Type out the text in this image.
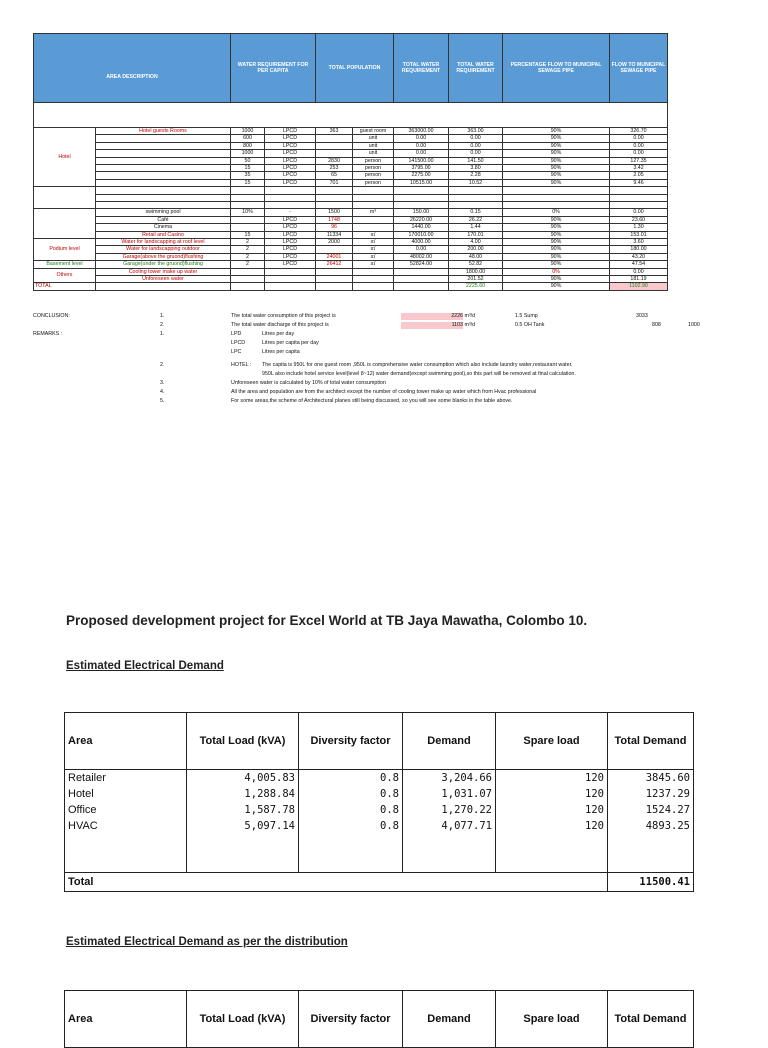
AREA DESCRIPTION		WATER REQUIREMENT FOR PER CAPITA		TOTAL POPULATION		TOTAL WATER REQUIREMENT	TOTAL WATER REQUIREMENT	PERCENTAGE FLOW TO MUNICIPAL SEWAGE PIPE	FLOW TO MUNICIPAL SEWAGE PIPE

Hotel	Hotel guests Rooms	1000	LPCD	363	guest room	363000.00	363.00	90%	326.70
		600	LPCD		unit	0.00	0.00	90%	0.00
		800	LPCD		unit	0.00	0.00	90%	0.00
		1000	LPCD		unit	0.00	0.00	90%	0.00
		50	LPCD	2830	person	141500.00	141.50	90%	127.35
		15	LPCD	253	person	3795.00	3.80	90%	3.42
		35	LPCD	65	person	2275.00	2.28	90%	2.05
		15	LPCD	701	person	10515.00	10.52	90%	9.46

	swimming pool	10%	-	1500	m³	150.00	0.15	0%	0.00
	Café		LPCD	1748		26220.00	26.22	90%	23.60
	Cinema		LPCD	96		1440.00	1.44	90%	1.30
	Retail and Casino	15	LPCD	11334	㎡	170010.00	170.01	90%	153.01
Podium level	Water for landscapping at roof level	2	LPCD	2000	㎡	4000.00	4.00	90%	3.60
	Water for landscapping outdoor	2	LPCD		㎡	0.00	200.00	90%	180.00
	Garage(above the gruond)flushing	2	LPCD	24001	㎡	48002.00	48.00	90%	43.20
Basement level	Garage(under the gruond)flushing	2	LPCD	26412	㎡	52824.00	52.82	90%	47.54
Others	Cooling tower make up water						1800.00	0%	0.00
	Unforeseen water						201.52	90%	181.19
TOTAL							2225.60	90%	1102.90
CONCLUSION:
REMARKS :
1.
2.
1.
2.
3.
4.
5.
The total water consumption of this project is	2226 m³/d	1.5 Sump	3033
The total water discharge of this project is	1103 m³/d	0.5 OH Tank	808	1000
LPD	Litres per day
LPCD	Litres per capita per day
LPC	Litres per capita
HOTEL : The capita is 950L for one guest room ,950L is comprehensive water consumption which also include laundry water,restaurant water.
950L also include hotel service level(level 8~12) water demand(except swimming pool),so this part will be removed at final calculation.
Unforeseen water is calculated by 10% of total water consumption
All the area and population are from the architect except the number of cooling tower make up water which from Hvac professional
For some areas,the scheme of Architectural planes still being discussed, so you will see some blanks in the table above.
Proposed development project for Excel World at TB Jaya Mawatha, Colombo 10.
Estimated Electrical Demand
Area	Total Load (kVA)	Diversity factor	Demand	Spare load	Total Demand
Retailer	4,005.83	0.8	3,204.66	120	3845.60
Hotel	1,288.84	0.8	1,031.07	120	1237.29
Office	1,587.78	0.8	1,270.22	120	1524.27
HVAC	5,097.14	0.8	4,077.71	120	4893.25

Total					11500.41
Estimated Electrical Demand as per the distribution
Area	Total Load (kVA)	Diversity factor	Demand	Spare load	Total Demand
